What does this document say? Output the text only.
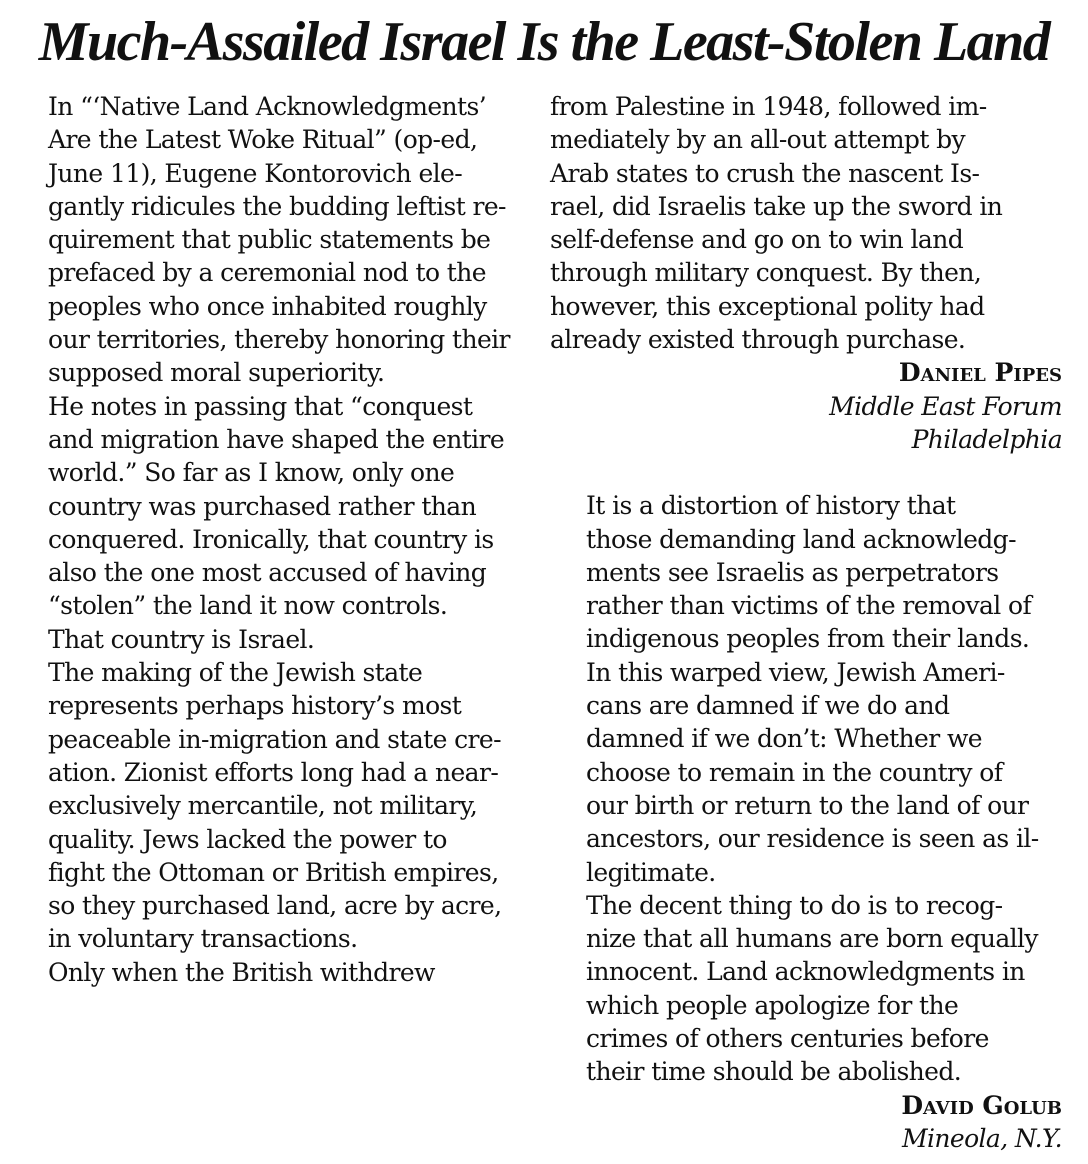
Much-Assailed Israel Is the Least-Stolen Land

In “‘Native Land Acknowledgments’
Are the Latest Woke Ritual” (op-ed,
June 11), Eugene Kontorovich ele-
gantly ridicules the budding leftist re-
quirement that public statements be
prefaced by a ceremonial nod to the
peoples who once inhabited roughly
our territories, thereby honoring their
supposed moral superiority.

He notes in passing that “conquest
and migration have shaped the entire
world.” So far as I know, only one
country was purchased rather than
conquered. Ironically, that country is
also the one most accused of having
“stolen” the land it now controls.
That country is Israel.

The making of the Jewish state
represents perhaps history’s most
peaceable in-migration and state cre-
ation. Zionist efforts long had a near-
exclusively mercantile, not military,
quality. Jews lacked the power to
fight the Ottoman or British empires,
so they purchased land, acre by acre,
in voluntary transactions.

Only when the British withdrew

from Palestine in 1948, followed im-
mediately by an all-out attempt by
Arab states to crush the nascent Is-
rael, did Israelis take up the sword in
self-defense and go on to win land
through military conquest. By then,
however, this exceptional polity had
already existed through purchase.

Daniel Pipes
Middle East Forum
Philadelphia

It is a distortion of history that
those demanding land acknowledg-
ments see Israelis as perpetrators
rather than victims of the removal of
indigenous peoples from their lands.
In this warped view, Jewish Ameri-
cans are damned if we do and
damned if we don’t: Whether we
choose to remain in the country of
our birth or return to the land of our
ancestors, our residence is seen as il-
legitimate.

The decent thing to do is to recog-
nize that all humans are born equally
innocent. Land acknowledgments in
which people apologize for the
crimes of others centuries before
their time should be abolished.

David Golub
Mineola, N.Y.
